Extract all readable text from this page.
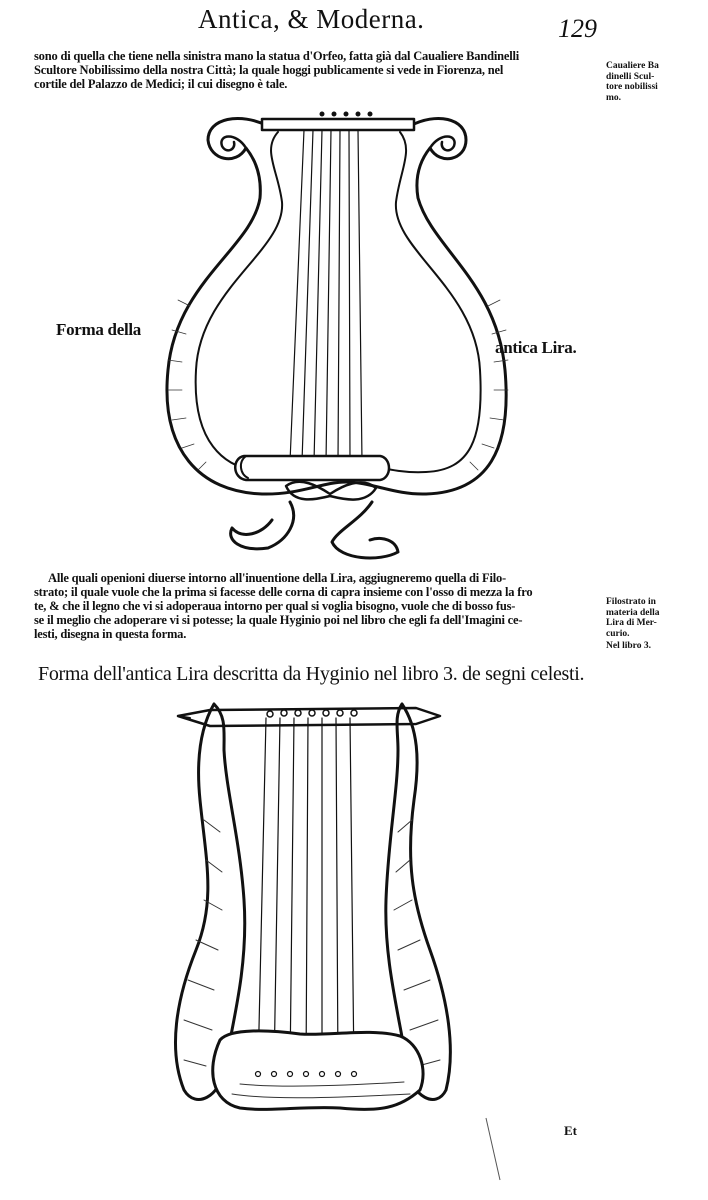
Antica, & Moderna.	129

sono di quella che tiene nella sinistra mano la statua d'Orfeo, fatta già dal Caualiere Bandinelli

Scultore Nobilissimo della nostra Città; la quale hoggi publicamente si vede in Fiorenza, nel

cortile del Palazzo de Medici; il cui disegno è tale.

Caualiere Ba
dinelli Scul-
tore nobilissi
mo.
Forma della
antica Lira.

Alle quali openioni diuerse intorno all'inuentione della Lira, aggiugneremo quella di Filo-

strato; il quale vuole che la prima si facesse delle corna di capra insieme con l'osso di mezza la fro

te, & che il legno che vi si adoperaua intorno per qual si voglia bisogno, vuole che di bosso fus-

se il meglio che adoperare vi si potesse; la quale Hyginio poi nel libro che egli fa dell'Imagini ce-

lesti, disegna in questa forma.

Filostrato in
materia della
Lira di Mer-
curio.
Nel libro 3.
Forma dell'antica Lira descritta da Hyginio nel libro 3. de segni celesti.
Et
